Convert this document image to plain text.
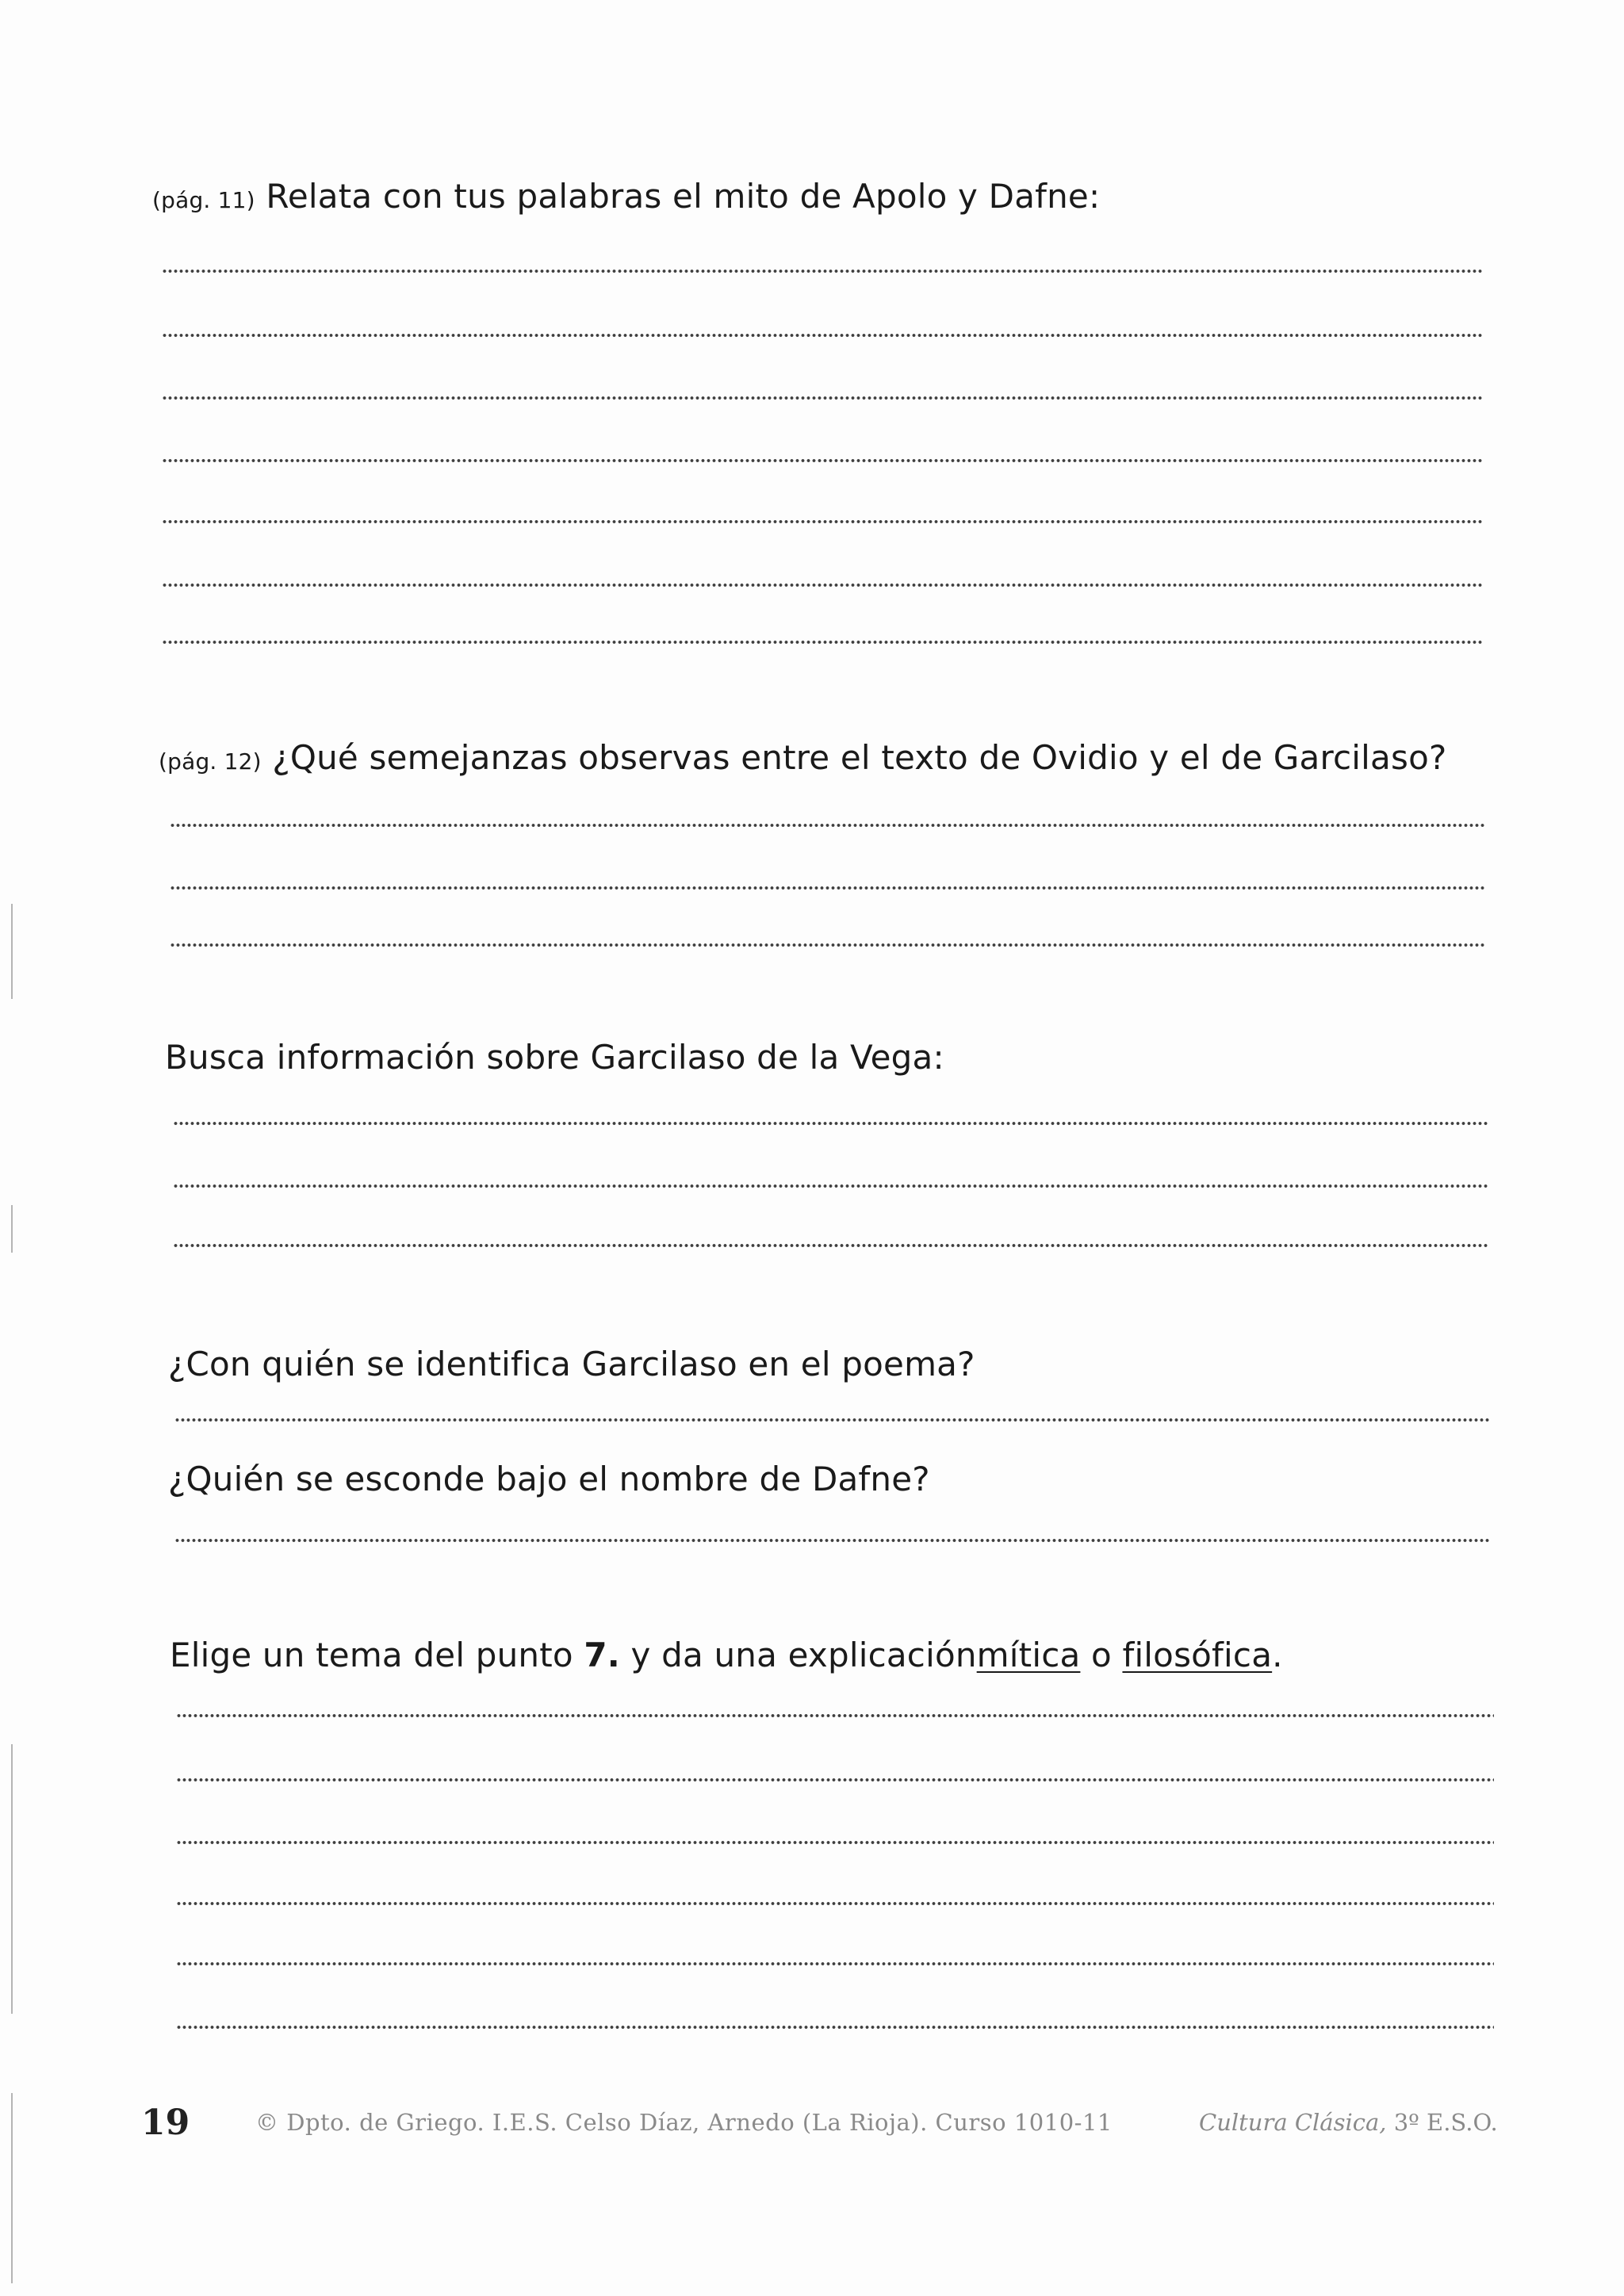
(pág. 11) Relata con tus palabras el mito de Apolo y Dafne:
(pág. 12) ¿Qué semejanzas observas entre el texto de Ovidio y el de Garcilaso?
Busca información sobre Garcilaso de la Vega:
¿Con quién se identifica Garcilaso en el poema?
¿Quién se esconde bajo el nombre de Dafne?
Elige un tema del punto 7. y da una explicaciónmítica o filosófica.
19	© Dpto. de Griego. I.E.S. Celso Díaz, Arnedo (La Rioja). Curso 1010-11	Cultura Clásica, 3º E.S.O.
